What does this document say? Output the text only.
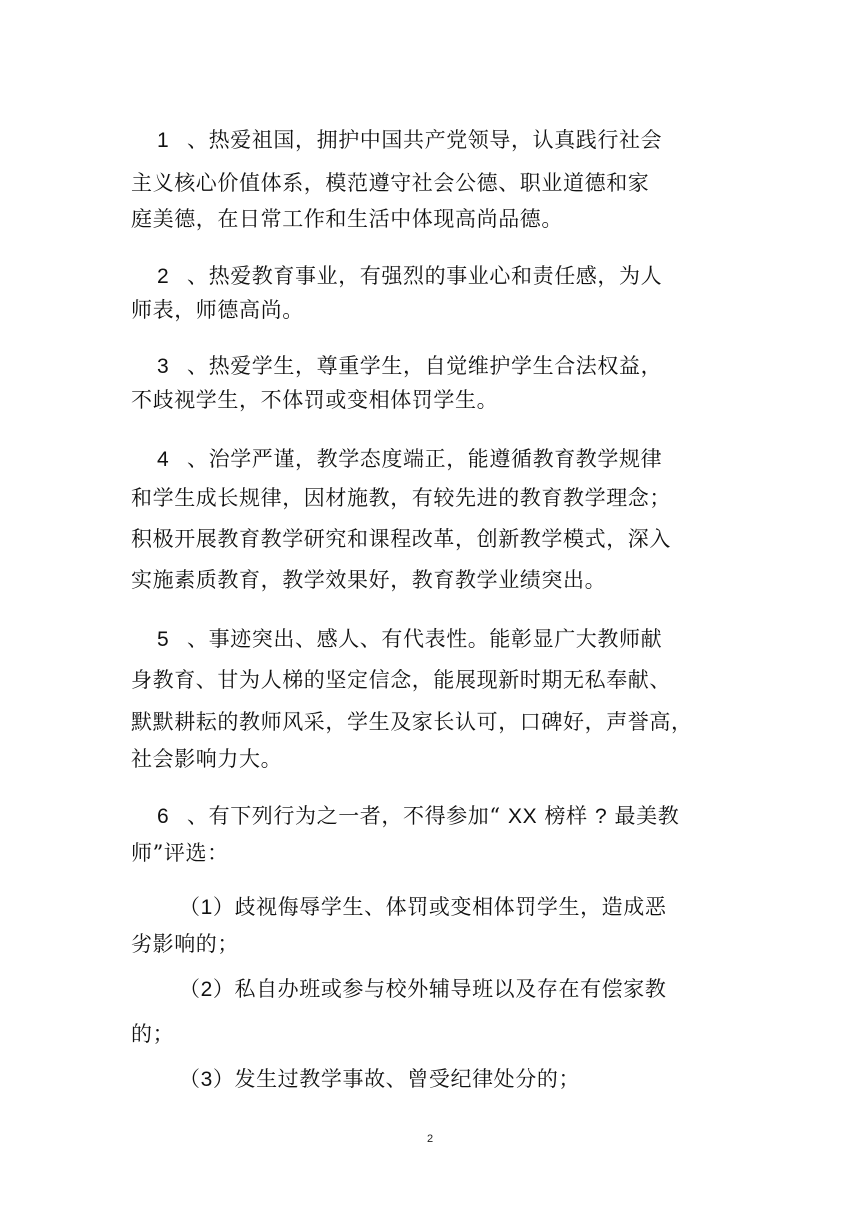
1 、热爱祖国，拥护中国共产党领导，认真践行社会
主义核心价值体系，模范遵守社会公德、职业道德和家
庭美德，在日常工作和生活中体现高尚品德。
2 、热爱教育事业，有强烈的事业心和责任感，为人
师表，师德高尚。
3 、热爱学生，尊重学生，自觉维护学生合法权益，
不歧视学生，不体罚或变相体罚学生。
4 、治学严谨，教学态度端正，能遵循教育教学规律
和学生成长规律，因材施教，有较先进的教育教学理念；
积极开展教育教学研究和课程改革，创新教学模式，深入
实施素质教育，教学效果好，教育教学业绩突出。
5 、事迹突出、感人、有代表性。能彰显广大教师献
身教育、甘为人梯的坚定信念，能展现新时期无私奉献、
默默耕耘的教师风采，学生及家长认可，口碑好，声誉高，
社会影响力大。
6 、有下列行为之一者，不得参加“ XX 榜样 ? 最美教
师”评选：
（1）歧视侮辱学生、体罚或变相体罚学生，造成恶
劣影响的；
（2）私自办班或参与校外辅导班以及存在有偿家教
的；
（3）发生过教学事故、曾受纪律处分的；
2
